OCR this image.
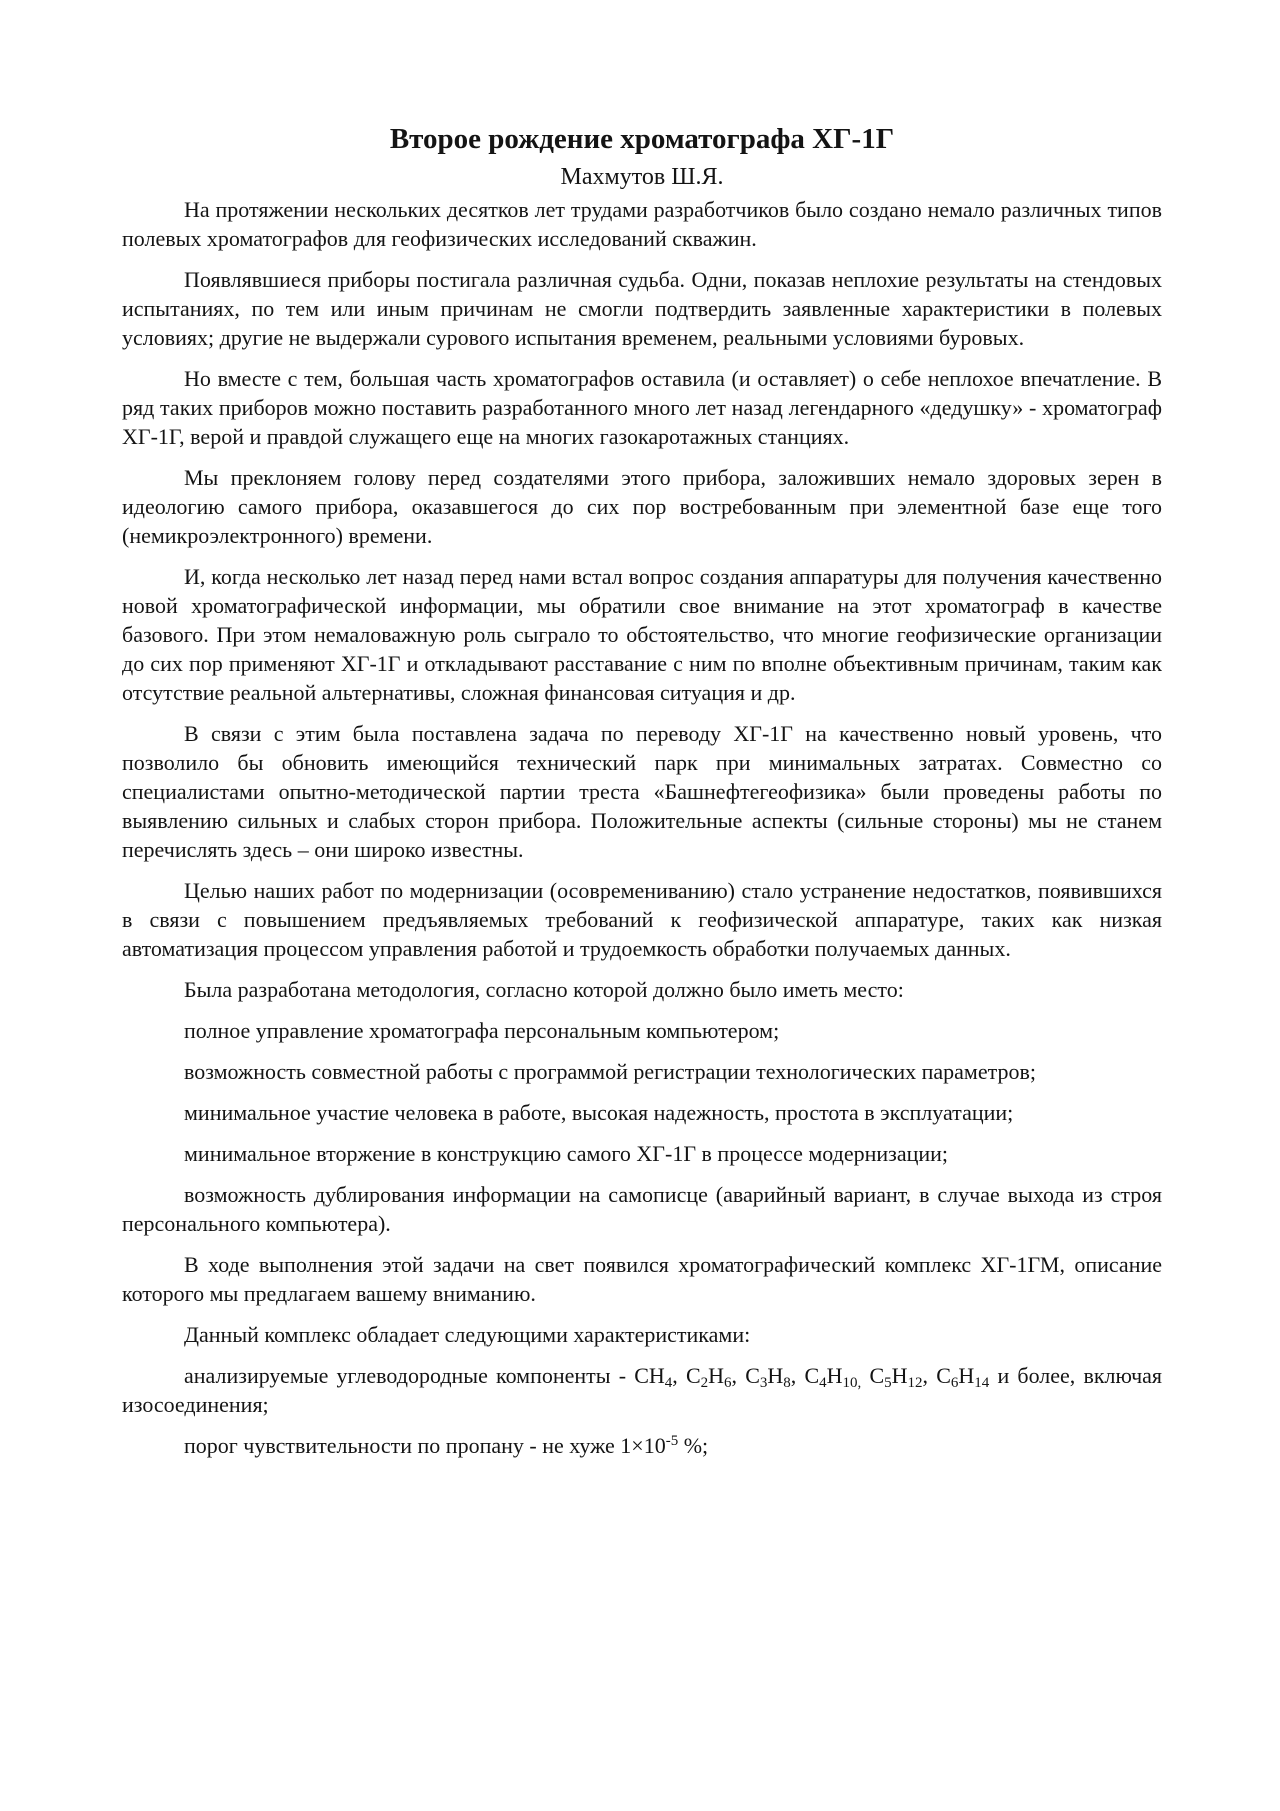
Второе рождение хроматографа ХГ-1Г
Махмутов Ш.Я.

На протяжении нескольких десятков лет трудами разработчиков было создано немало различных типов полевых хроматографов для геофизических исследований скважин.

Появлявшиеся приборы постигала различная судьба. Одни, показав неплохие результаты на стендовых испытаниях, по тем или иным причинам не смогли подтвердить заявленные характеристики в полевых условиях; другие не выдержали сурового испытания временем, реальными условиями буровых.

Но вместе с тем, большая часть хроматографов оставила (и оставляет) о себе неплохое впечатление. В ряд таких приборов можно поставить разработанного много лет назад легендарного «дедушку» - хроматограф ХГ-1Г, верой и правдой служащего еще на многих газокаротажных станциях.

Мы преклоняем голову перед создателями этого прибора, заложивших немало здоровых зерен в идеологию самого прибора, оказавшегося до сих пор востребованным при элементной базе еще того (немикроэлектронного) времени.

И, когда несколько лет назад перед нами встал вопрос создания аппаратуры для получения качественно новой хроматографической информации, мы обратили свое внимание на этот хроматограф в качестве базового. При этом немаловажную роль сыграло то обстоятельство, что многие геофизические организации до сих пор применяют ХГ-1Г и откладывают расставание с ним по вполне объективным причинам, таким как отсутствие реальной альтернативы, сложная финансовая ситуация и др.

В связи с этим была поставлена задача по переводу ХГ-1Г на качественно новый уровень, что позволило бы обновить имеющийся технический парк при минимальных затратах. Совместно со специалистами опытно-методической партии треста «Башнефтегеофизика» были проведены работы по выявлению сильных и слабых сторон прибора. Положительные аспекты (сильные стороны) мы не станем перечислять здесь – они широко известны.

Целью наших работ по модернизации (осовремениванию) стало устранение недостатков, появившихся в связи с повышением предъявляемых требований к геофизической аппаратуре, таких как низкая автоматизация процессом управления работой и трудоемкость обработки получаемых данных.

Была разработана методология, согласно которой должно было иметь место:

полное управление хроматографа персональным компьютером;

возможность совместной работы с программой регистрации технологических параметров;

минимальное участие человека в работе, высокая надежность, простота в эксплуатации;

минимальное вторжение в конструкцию самого ХГ-1Г в процессе модернизации;

возможность дублирования информации на самописце (аварийный вариант, в случае выхода из строя персонального компьютера).

В ходе выполнения этой задачи на свет появился хроматографический комплекс ХГ-1ГМ, описание которого мы предлагаем вашему вниманию.

Данный комплекс обладает следующими характеристиками:

анализируемые углеводородные компоненты - $CH_4$, $C_2H_6$, $C_3H_8$, $C_4H_{10,}$ $C_5H_{12}$, $C_6H_{14}$ и более, включая изосоединения;

порог чувствительности по пропану - не хуже $1\times 10^{-5}$ %;
